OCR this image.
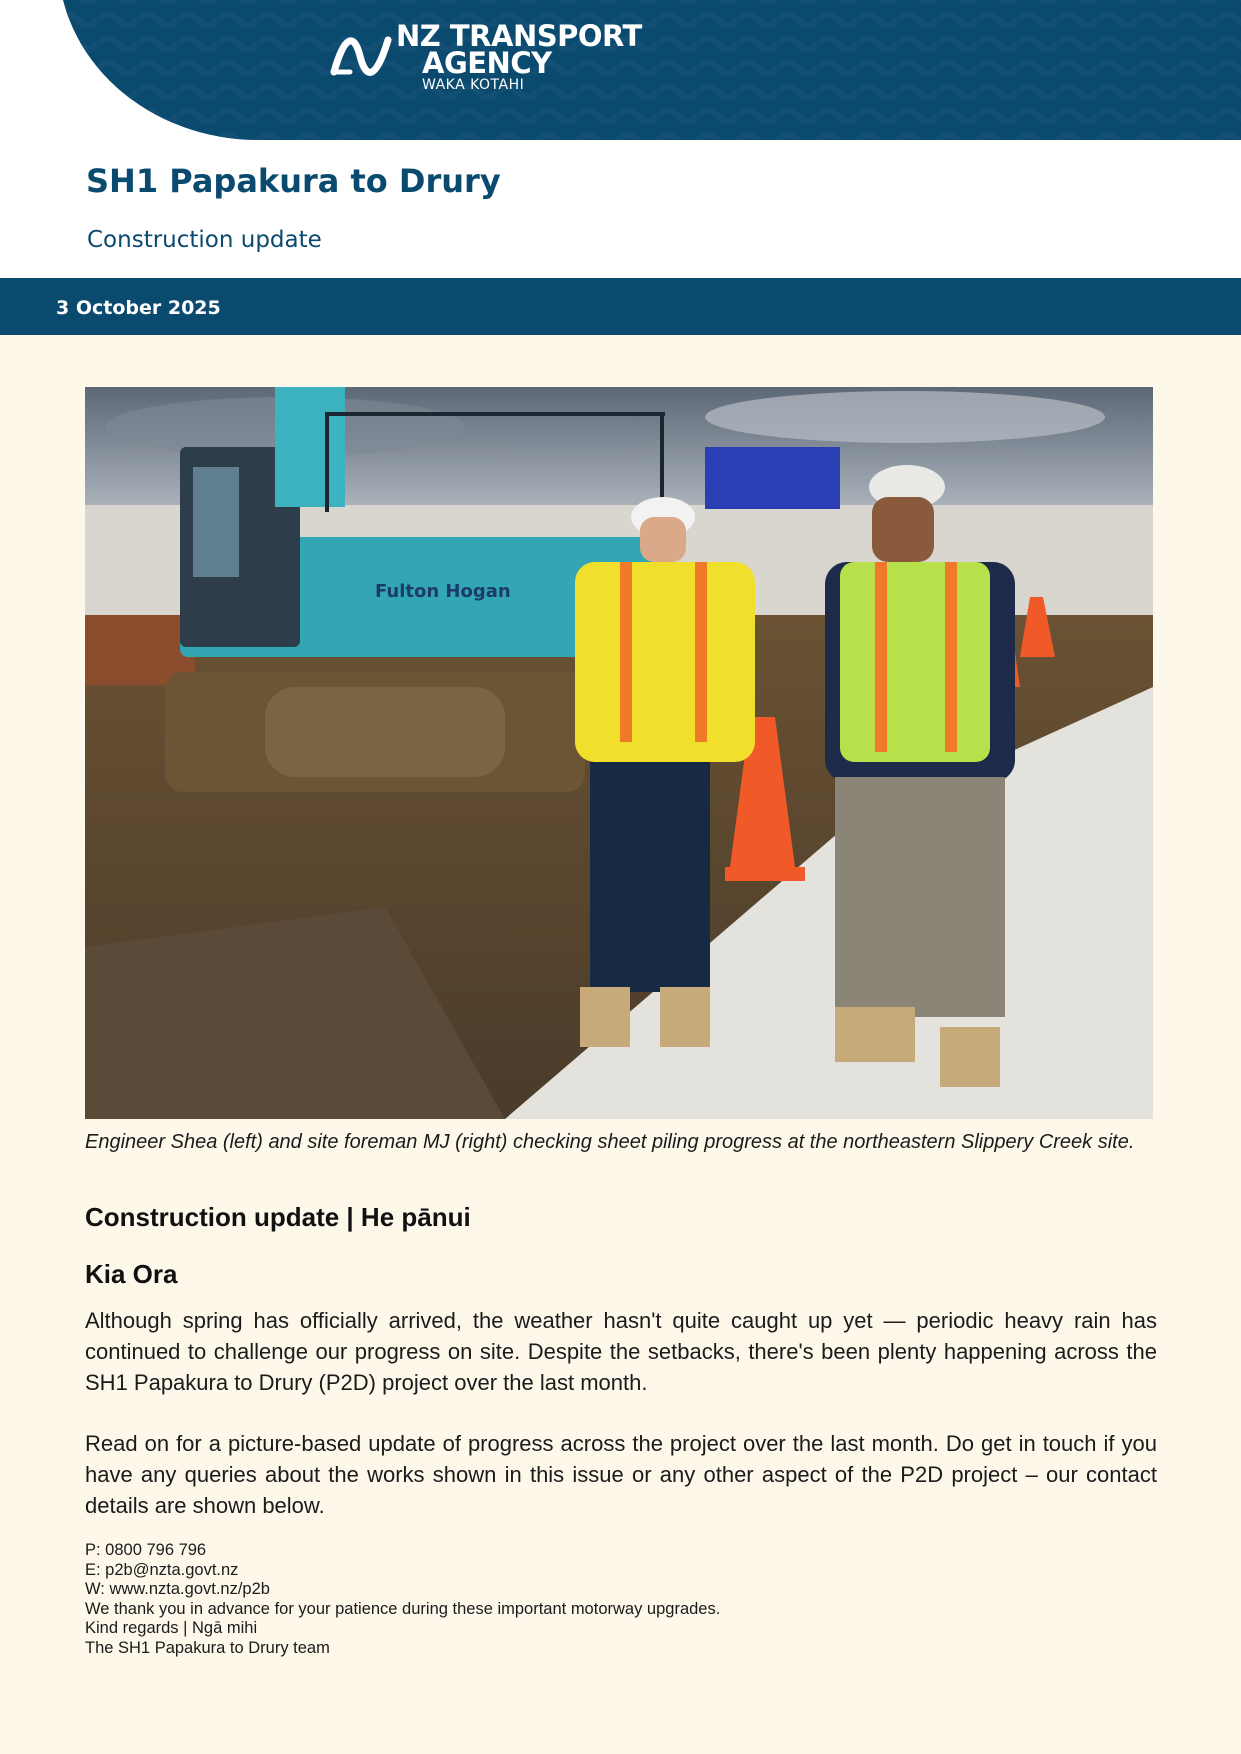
NZ TRANSPORT
AGENCY
WAKA KOTAHI
SH1 Papakura to Drury
Construction update
3 October 2025
Fulton Hogan
Engineer Shea (left) and site foreman MJ (right) checking sheet piling progress at the northeastern Slippery Creek site.
Construction update | He pānui
Kia Ora
Although spring has officially arrived, the weather hasn't quite caught up yet — periodic heavy rain has continued to challenge our progress on site. Despite the setbacks, there's been plenty happening across the SH1 Papakura to Drury (P2D) project over the last month.
Read on for a picture-based update of progress across the project over the last month. Do get in touch if you have any queries about the works shown in this issue or any other aspect of the P2D project – our contact details are shown below.
P: 0800 796 796
E: p2b@nzta.govt.nz
W: www.nzta.govt.nz/p2b
We thank you in advance for your patience during these important motorway upgrades.
Kind regards | Ngā mihi
The SH1 Papakura to Drury team
